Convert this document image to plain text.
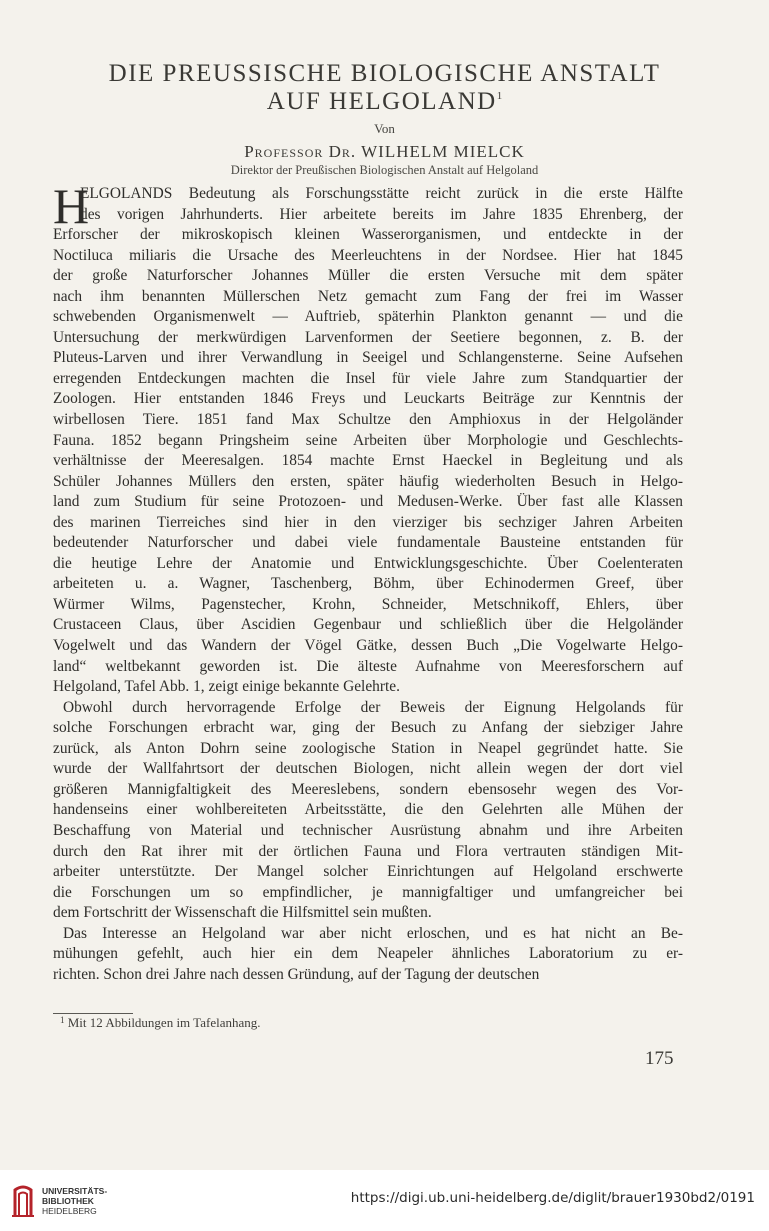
DIE PREUSSISCHE BIOLOGISCHE ANSTALT
AUF HELGOLAND$^1$
Von
Professor Dr. WILHELM MIELCK
Direktor der Preußischen Biologischen Anstalt auf Helgoland
H
ELGOLANDS Bedeutung als Forschungsstätte reicht zurück in die erste Hälfte
des vorigen Jahrhunderts. Hier arbeitete bereits im Jahre 1835 Ehrenberg, der
Erforscher der mikroskopisch kleinen Wasserorganismen, und entdeckte in der
Noctiluca miliaris die Ursache des Meerleuchtens in der Nordsee. Hier hat 1845
der große Naturforscher Johannes Müller die ersten Versuche mit dem später
nach ihm benannten Müllerschen Netz gemacht zum Fang der frei im Wasser
schwebenden Organismenwelt — Auftrieb, späterhin Plankton genannt — und die
Untersuchung der merkwürdigen Larvenformen der Seetiere begonnen, z. B. der
Pluteus-Larven und ihrer Verwandlung in Seeigel und Schlangensterne. Seine Aufsehen
erregenden Entdeckungen machten die Insel für viele Jahre zum Standquartier der
Zoologen. Hier entstanden 1846 Freys und Leuckarts Beiträge zur Kenntnis der
wirbellosen Tiere. 1851 fand Max Schultze den Amphioxus in der Helgoländer
Fauna. 1852 begann Pringsheim seine Arbeiten über Morphologie und Geschlechts-
verhältnisse der Meeresalgen. 1854 machte Ernst Haeckel in Begleitung und als
Schüler Johannes Müllers den ersten, später häufig wiederholten Besuch in Helgo-
land zum Studium für seine Protozoen- und Medusen-Werke. Über fast alle Klassen
des marinen Tierreiches sind hier in den vierziger bis sechziger Jahren Arbeiten
bedeutender Naturforscher und dabei viele fundamentale Bausteine entstanden für
die heutige Lehre der Anatomie und Entwicklungsgeschichte. Über Coelenteraten
arbeiteten u. a. Wagner, Taschenberg, Böhm, über Echinodermen Greef, über
Würmer Wilms, Pagenstecher, Krohn, Schneider, Metschnikoff, Ehlers, über
Crustaceen Claus, über Ascidien Gegenbaur und schließlich über die Helgoländer
Vogelwelt und das Wandern der Vögel Gätke, dessen Buch „Die Vogelwarte Helgo-
land“ weltbekannt geworden ist. Die älteste Aufnahme von Meeresforschern auf
Helgoland, Tafel Abb. 1, zeigt einige bekannte Gelehrte.
Obwohl durch hervorragende Erfolge der Beweis der Eignung Helgolands für
solche Forschungen erbracht war, ging der Besuch zu Anfang der siebziger Jahre
zurück, als Anton Dohrn seine zoologische Station in Neapel gegründet hatte. Sie
wurde der Wallfahrtsort der deutschen Biologen, nicht allein wegen der dort viel
größeren Mannigfaltigkeit des Meereslebens, sondern ebensosehr wegen des Vor-
handenseins einer wohlbereiteten Arbeitsstätte, die den Gelehrten alle Mühen der
Beschaffung von Material und technischer Ausrüstung abnahm und ihre Arbeiten
durch den Rat ihrer mit der örtlichen Fauna und Flora vertrauten ständigen Mit-
arbeiter unterstützte. Der Mangel solcher Einrichtungen auf Helgoland erschwerte
die Forschungen um so empfindlicher, je mannigfaltiger und umfangreicher bei
dem Fortschritt der Wissenschaft die Hilfsmittel sein mußten.
Das Interesse an Helgoland war aber nicht erloschen, und es hat nicht an Be-
mühungen gefehlt, auch hier ein dem Neapeler ähnliches Laboratorium zu er-
richten. Schon drei Jahre nach dessen Gründung, auf der Tagung der deutschen
$^1$ Mit 12 Abbildungen im Tafelanhang.
175
UNIVERSITÄTS-
BIBLIOTHEK
HEIDELBERG
https://digi.ub.uni-heidelberg.de/diglit/brauer1930bd2/0191
